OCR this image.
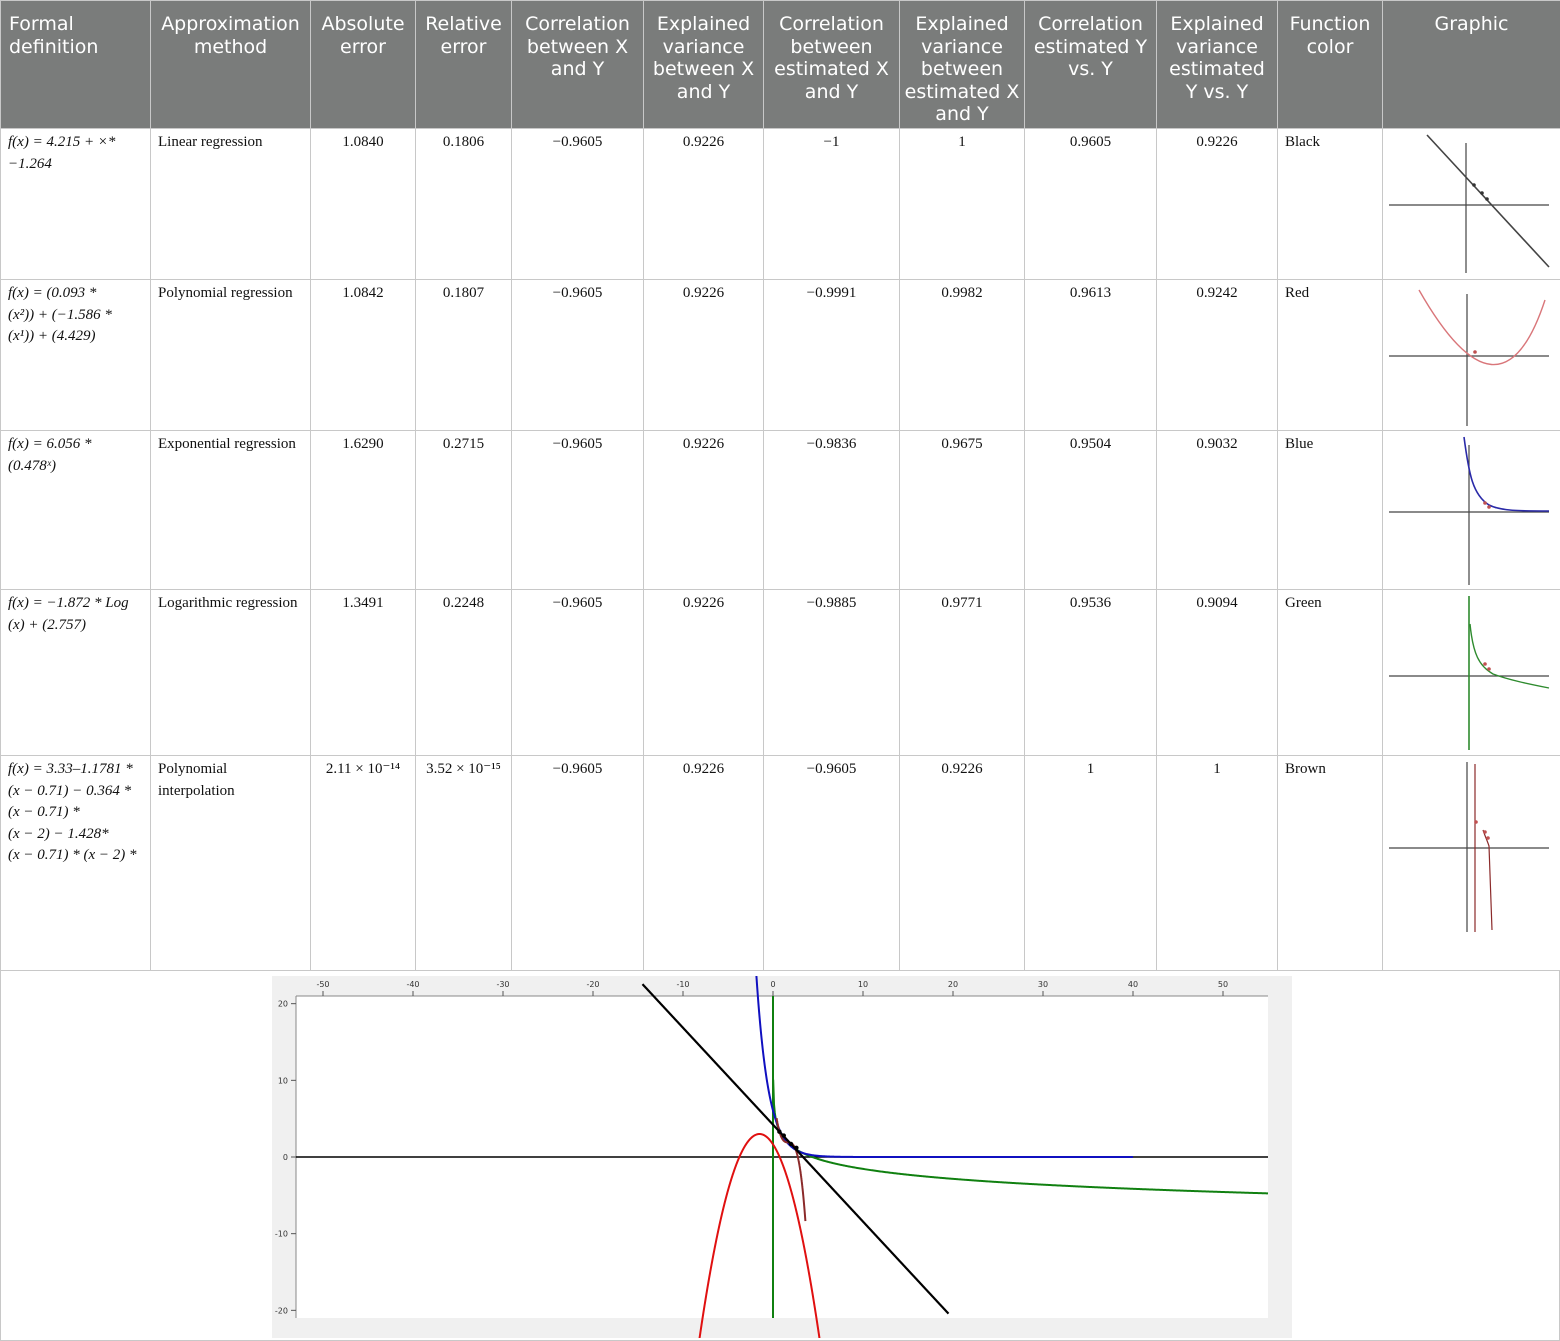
Formal definition	Approximation method	Absolute error	Relative error	Correlation between X and Y	Explained variance between X and Y	Correlation between estimated X and Y	Explained variance between estimated X and Y	Correlation estimated Y vs. Y	Explained variance estimated Y vs. Y	Function color	Graphic

f(x) = 4.215 + ×*
−1.264	Linear regression	1.0840	0.1806	−0.9605	0.9226	−1	1	0.9605	0.9226	Black	

f(x) = (0.093 *
(x²)) + (−1.586 *
(x¹)) + (4.429)	Polynomial regression	1.0842	0.1807	−0.9605	0.9226	−0.9991	0.9982	0.9613	0.9242	Red	

f(x) = 6.056 *
(0.478ˣ)	Exponential regression	1.6290	0.2715	−0.9605	0.9226	−0.9836	0.9675	0.9504	0.9032	Blue	

f(x) = −1.872 * Log
(x) + (2.757)	Logarithmic regression	1.3491	0.2248	−0.9605	0.9226	−0.9885	0.9771	0.9536	0.9094	Green	

f(x) = 3.33–1.1781 *
(x − 0.71) − 0.364 *
(x − 0.71) *
(x − 2) − 1.428*
(x − 0.71) * (x − 2) *	Polynomial interpolation	2.11 × 10⁻¹⁴	3.52 × 10⁻¹⁵	−0.9605	0.9226	−0.9605	0.9226	1	1	Brown	
-50	-40	-30	-20	-10	0	10	20	30	40	50
20
10
0
-10
-20
